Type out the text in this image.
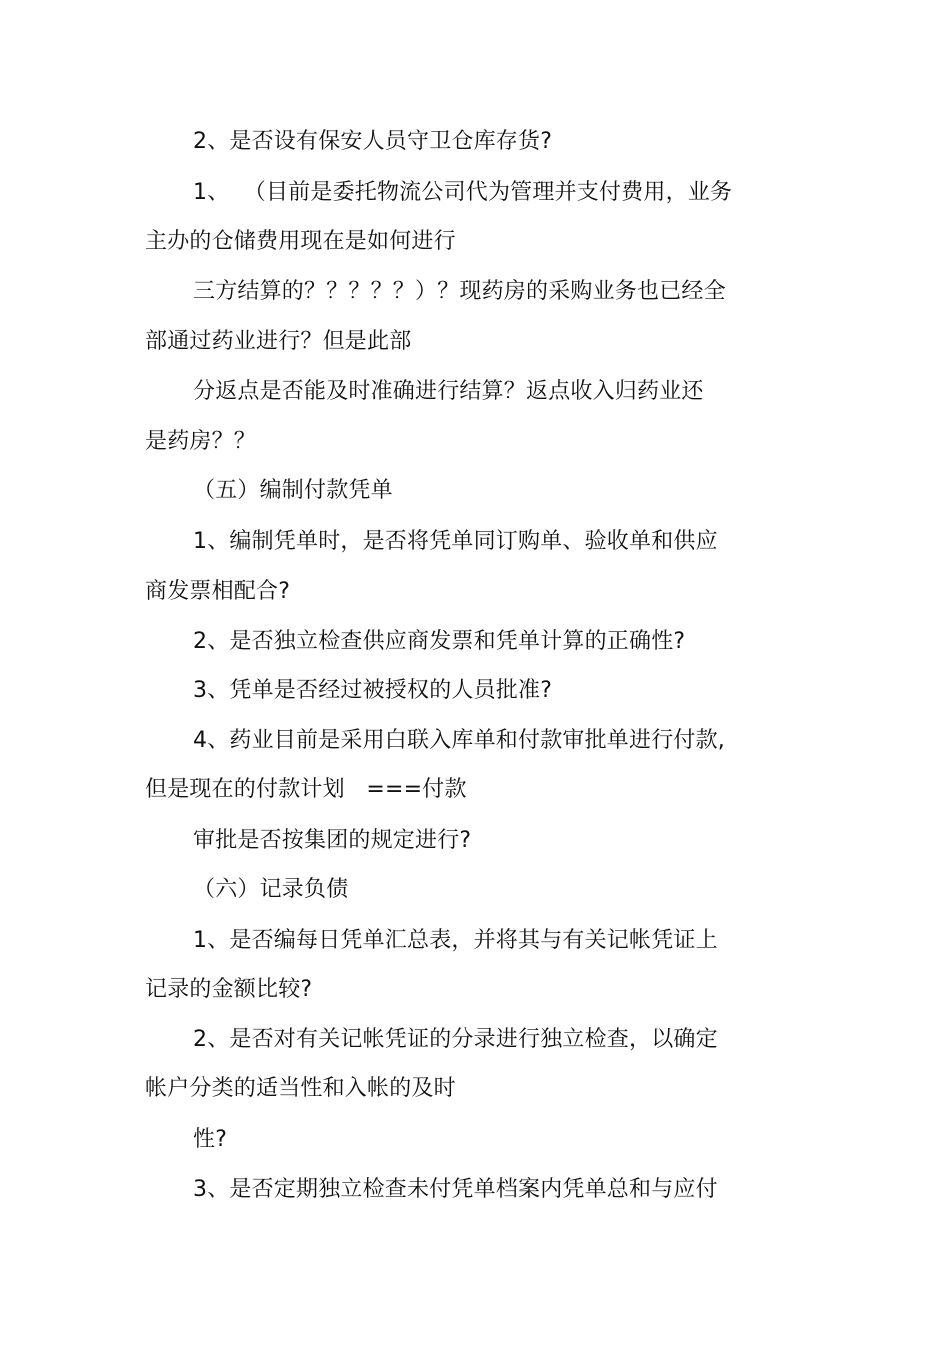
2、是否设有保安人员守卫仓库存货?
1、  （目前是委托物流公司代为管理并支付费用，业务
主办的仓储费用现在是如何进行
三方结算的？？？？？）？现药房的采购业务也已经全
部通过药业进行？但是此部
分返点是否能及时准确进行结算？返点收入归药业还
是药房？？
（五）编制付款凭单
1、编制凭单时，是否将凭单同订购单、验收单和供应
商发票相配合?
2、是否独立检查供应商发票和凭单计算的正确性?
3、凭单是否经过被授权的人员批准?
4、药业目前是采用白联入库单和付款审批单进行付款,
但是现在的付款计划   ===付款
审批是否按集团的规定进行?
（六）记录负债
1、是否编每日凭单汇总表，并将其与有关记帐凭证上
记录的金额比较?
2、是否对有关记帐凭证的分录进行独立检查，以确定
帐户分类的适当性和入帐的及时
性?
3、是否定期独立检查未付凭单档案内凭单总和与应付
